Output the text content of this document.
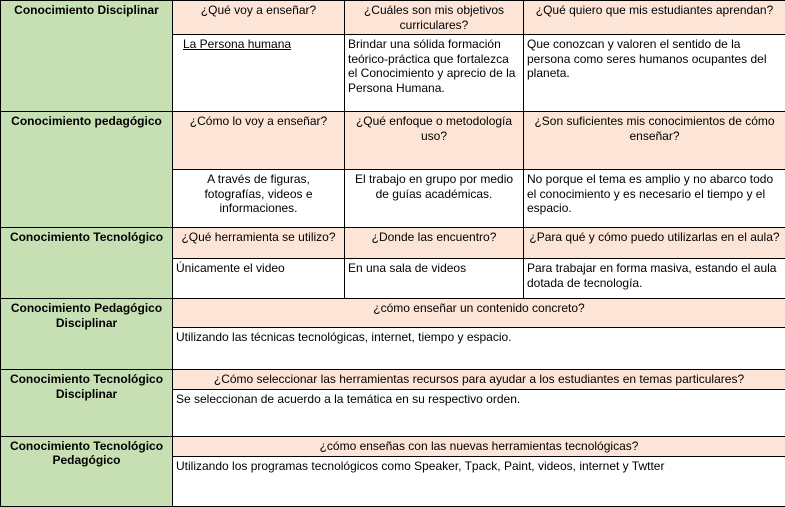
Conocimiento Disciplinar	¿Qué voy a enseñar?	¿Cuáles son mis objetivos curriculares?	¿Qué quiero que mis estudiantes aprendan?
	La Persona humana	Brindar una sólida formación teórico-práctica que fortalezca el Conocimiento y aprecio de la Persona Humana.	Que conozcan y valoren el sentido de la persona como seres humanos ocupantes del planeta.
Conocimiento pedagógico	¿Cómo lo voy a enseñar?	¿Qué enfoque o metodología uso?	¿Son suficientes mis conocimientos de cómo enseñar?
	A través de figuras, fotografías, videos e informaciones.	El trabajo en grupo por medio de guías académicas.	No porque el tema es amplio y no abarco todo el conocimiento y es necesario el tiempo y el espacio.
Conocimiento Tecnológico	¿Qué herramienta se utilizo?	¿Donde las encuentro?	¿Para qué y cómo puedo utilizarlas en el aula?
	Únicamente el video	En una sala de videos	Para trabajar en forma masiva, estando el aula dotada de tecnología.
Conocimiento Pedagógico Disciplinar	¿cómo enseñar un contenido concreto?		
	Utilizando las técnicas tecnológicas, internet, tiempo y espacio.		
Conocimiento Tecnológico Disciplinar	¿Cómo seleccionar las herramientas recursos para ayudar a los estudiantes en temas particulares?		
	Se seleccionan de acuerdo a la temática en su respectivo orden.		
Conocimiento Tecnológico Pedagógico	¿cómo enseñas con las nuevas herramientas tecnológicas?		
	Utilizando los programas tecnológicos como Speaker, Tpack, Paint, videos, internet y Twtter		
